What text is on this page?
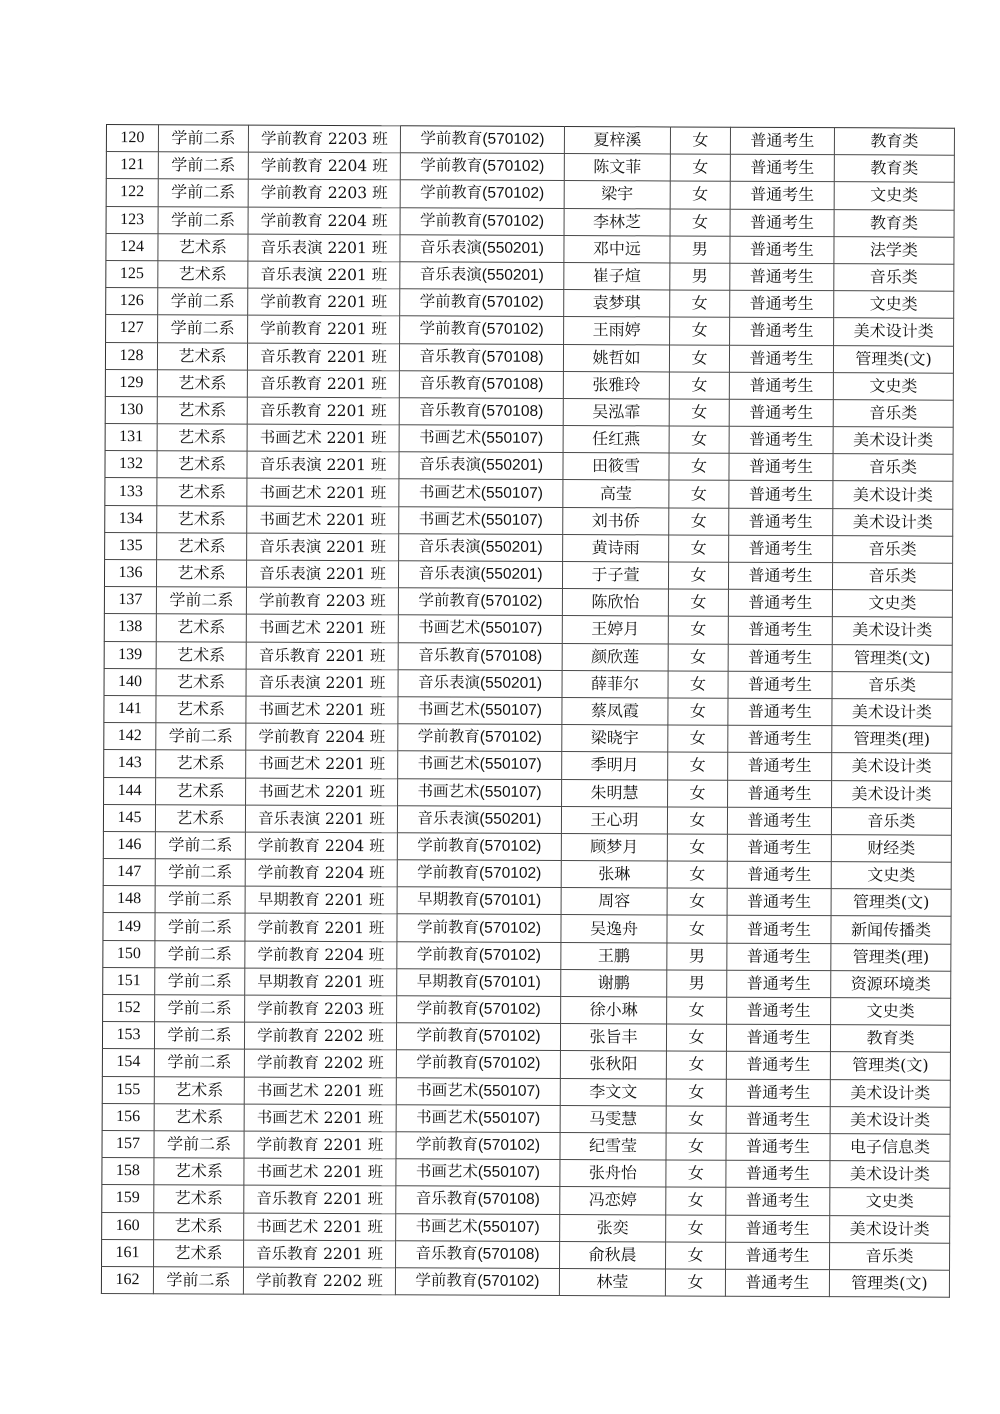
120	学前二系	学前教育 2203 班	学前教育(570102)	夏梓溪	女	普通考生	教育类
121	学前二系	学前教育 2204 班	学前教育(570102)	陈文菲	女	普通考生	教育类
122	学前二系	学前教育 2203 班	学前教育(570102)	梁宇	女	普通考生	文史类
123	学前二系	学前教育 2204 班	学前教育(570102)	李林芝	女	普通考生	教育类
124	艺术系	音乐表演 2201 班	音乐表演(550201)	邓中远	男	普通考生	法学类
125	艺术系	音乐表演 2201 班	音乐表演(550201)	崔子煊	男	普通考生	音乐类
126	学前二系	学前教育 2201 班	学前教育(570102)	袁梦琪	女	普通考生	文史类
127	学前二系	学前教育 2201 班	学前教育(570102)	王雨婷	女	普通考生	美术设计类
128	艺术系	音乐教育 2201 班	音乐教育(570108)	姚哲如	女	普通考生	管理类(文)
129	艺术系	音乐教育 2201 班	音乐教育(570108)	张雅玲	女	普通考生	文史类
130	艺术系	音乐教育 2201 班	音乐教育(570108)	吴泓霏	女	普通考生	音乐类
131	艺术系	书画艺术 2201 班	书画艺术(550107)	任红燕	女	普通考生	美术设计类
132	艺术系	音乐表演 2201 班	音乐表演(550201)	田筱雪	女	普通考生	音乐类
133	艺术系	书画艺术 2201 班	书画艺术(550107)	高莹	女	普通考生	美术设计类
134	艺术系	书画艺术 2201 班	书画艺术(550107)	刘书侨	女	普通考生	美术设计类
135	艺术系	音乐表演 2201 班	音乐表演(550201)	黄诗雨	女	普通考生	音乐类
136	艺术系	音乐表演 2201 班	音乐表演(550201)	于子萱	女	普通考生	音乐类
137	学前二系	学前教育 2203 班	学前教育(570102)	陈欣怡	女	普通考生	文史类
138	艺术系	书画艺术 2201 班	书画艺术(550107)	王婷月	女	普通考生	美术设计类
139	艺术系	音乐教育 2201 班	音乐教育(570108)	颜欣莲	女	普通考生	管理类(文)
140	艺术系	音乐表演 2201 班	音乐表演(550201)	薛菲尔	女	普通考生	音乐类
141	艺术系	书画艺术 2201 班	书画艺术(550107)	蔡凤霞	女	普通考生	美术设计类
142	学前二系	学前教育 2204 班	学前教育(570102)	梁晓宇	女	普通考生	管理类(理)
143	艺术系	书画艺术 2201 班	书画艺术(550107)	季明月	女	普通考生	美术设计类
144	艺术系	书画艺术 2201 班	书画艺术(550107)	朱明慧	女	普通考生	美术设计类
145	艺术系	音乐表演 2201 班	音乐表演(550201)	王心玥	女	普通考生	音乐类
146	学前二系	学前教育 2204 班	学前教育(570102)	顾梦月	女	普通考生	财经类
147	学前二系	学前教育 2204 班	学前教育(570102)	张琳	女	普通考生	文史类
148	学前二系	早期教育 2201 班	早期教育(570101)	周容	女	普通考生	管理类(文)
149	学前二系	学前教育 2201 班	学前教育(570102)	吴逸舟	女	普通考生	新闻传播类
150	学前二系	学前教育 2204 班	学前教育(570102)	王鹏	男	普通考生	管理类(理)
151	学前二系	早期教育 2201 班	早期教育(570101)	谢鹏	男	普通考生	资源环境类
152	学前二系	学前教育 2203 班	学前教育(570102)	徐小琳	女	普通考生	文史类
153	学前二系	学前教育 2202 班	学前教育(570102)	张旨丰	女	普通考生	教育类
154	学前二系	学前教育 2202 班	学前教育(570102)	张秋阳	女	普通考生	管理类(文)
155	艺术系	书画艺术 2201 班	书画艺术(550107)	李文文	女	普通考生	美术设计类
156	艺术系	书画艺术 2201 班	书画艺术(550107)	马雯慧	女	普通考生	美术设计类
157	学前二系	学前教育 2201 班	学前教育(570102)	纪雪莹	女	普通考生	电子信息类
158	艺术系	书画艺术 2201 班	书画艺术(550107)	张舟怡	女	普通考生	美术设计类
159	艺术系	音乐教育 2201 班	音乐教育(570108)	冯恋婷	女	普通考生	文史类
160	艺术系	书画艺术 2201 班	书画艺术(550107)	张奕	女	普通考生	美术设计类
161	艺术系	音乐教育 2201 班	音乐教育(570108)	俞秋晨	女	普通考生	音乐类
162	学前二系	学前教育 2202 班	学前教育(570102)	林莹	女	普通考生	管理类(文)
